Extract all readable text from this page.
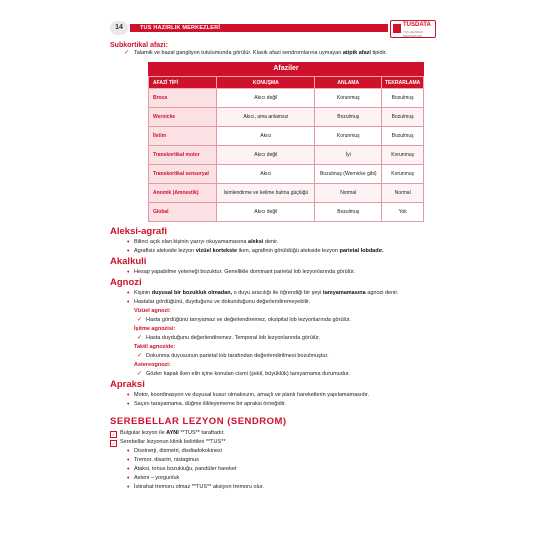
14	TUS HAZIRLIK MERKEZLERİ	TUSDATA
TUS HAZIRLIK MERKEZLERİ

Subkortikal afazi:

✓ Talamik ve bazal gangliyon tutulumunda görülür. Klasik afazi sendromlarına uymayan atipik afazi tipidir.

Afaziler
AFAZİ TİPİ	KONUŞMA	ANLAMA	TEKRARLAMA
Broca	Akıcı değil	Korunmuş	Bozulmuş
Wernicke	Akıcı, ama anlamsız	Bozulmuş	Bozulmuş
İletim	Akıcı	Korunmuş	Bozulmuş
Transkortikal motor	Akıcı değil	İyi	Korunmuş
Transkortikal sensoryal	Akıcı	Bozulmuş (Wernicke gibi)	Korunmuş
Anomik (Amnestik)	İsimlendirme ve kelime bulma güçlüğü	Normal	Normal
Global	Akıcı değil	Bozulmuş	Yok

Aleksi-agrafi

• Bilinci açık olan kişinin yazıyı okuyamamasına aleksi denir.

• Agrafisiz alekside lezyon vizüel kortekste iken, agrafinin görüldüğü alekside lezyon parietal lobdadır.

Akalkuli

• Hesap yapabilme yeteneği bozuktur. Genellikle dominant parietal lob lezyonlarında görülür.

Agnozi

• Kişinin duyusal bir bozukluk olmadan, o duyu aracılığı ile öğrendiği bir şeyi tanıyamamasına agnozi denir.

• Hastalar gördüğünü, duyduğunu ve dokunduğunu değerlendiremeyebilir.

Vizüel agnozi:

✓ Hasta gördüğünü tanıyamaz ve değerlendiremez, oksipital lob lezyonlarında görülür.

İşitme agnozisi:

✓ Hasta duyduğunu değerlendiremez. Temporal lob lezyonlarında görülür.

Taktil agnozide:

✓ Dokunma duyusunun parietal lob tarafından değerlendirilmesi bozulmuştur.

Astereognozi:

✓ Gözler kapalı iken elin içine konulan cismi (şekil, büyüklük) tanıyamama durumudur.

Apraksi

• Motor, koordinasyon ve duyusal kusur olmaksızın, amaçlı ve planlı hareketlerin yapılamamasıdır.

• Saçını tarayamama, düğme ilikleyememe bir apraksi örneğidir.

SEREBELLAR LEZYON (SENDROM)

✓ Bulgular lezyon ile AYNI **TUS** taraftadır.

✓ Serebellar lezyonun klinik belirtileri **TUS**

• Dissinerji, dismetri, disdiadokokinezi

• Tremor, disartri, nistagmus

• Ataksi, tonus bozukluğu, pandüler hareket

• Asteni – yorgunluk

• İstirahat tremoru olmaz **TUS** aksiyon tremoru olur.
